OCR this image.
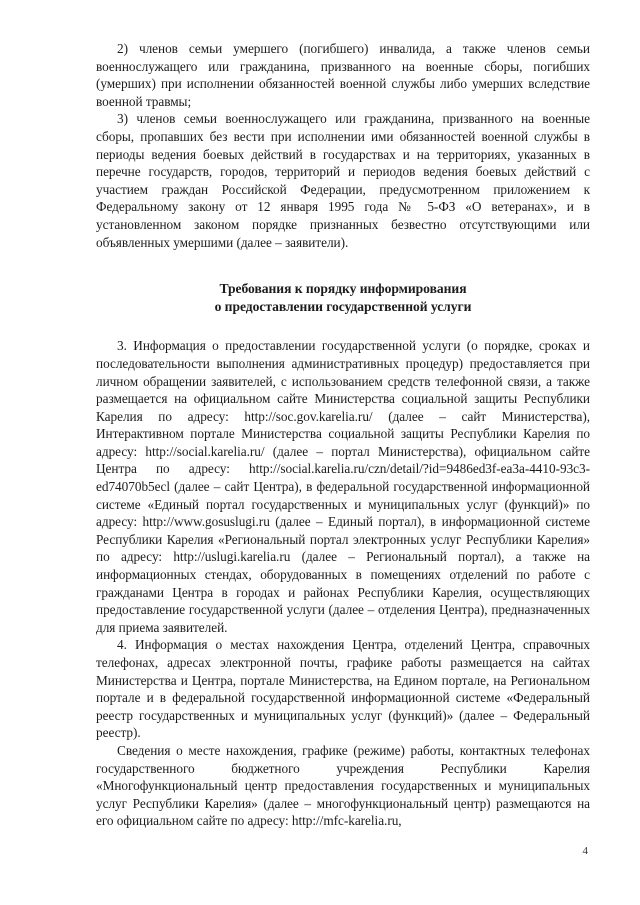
2) членов семьи умершего (погибшего) инвалида, а также членов семьи военнослужащего или гражданина, призванного на военные сборы, погибших (умерших) при исполнении обязанностей военной службы либо умерших вследствие военной травмы;

3) членов семьи военнослужащего или гражданина, призванного на военные сборы, пропавших без вести при исполнении ими обязанностей военной службы в периоды ведения боевых действий в государствах и на территориях, указанных в перечне государств, городов, территорий и периодов ведения боевых действий с участием граждан Российской Федерации, предусмотренном приложением к Федеральному закону от 12 января 1995 года № 5-ФЗ «О ветеранах», и в установленном законом порядке признанных безвестно отсутствующими или объявленных умершими (далее – заявители).

Требования к порядку информирования
о предоставлении государственной услуги

3. Информация о предоставлении государственной услуги (о порядке, сроках и последовательности выполнения административных процедур) предоставляется при личном обращении заявителей, с использованием средств телефонной связи, а также размещается на официальном сайте Министерства социальной защиты Республики Карелия по адресу: http://soc.gov.karelia.ru/ (далее – сайт Министерства), Интерактивном портале Министерства социальной защиты Республики Карелия по адресу: http://social.karelia.ru/ (далее – портал Министерства), официальном сайте Центра по адресу: http://social.karelia.ru/czn/detail/?id=9486ed3f-ea3a-4410-93c3-ed74070b5ecl (далее – сайт Центра), в федеральной государственной информационной системе «Единый портал государственных и муниципальных услуг (функций)» по адресу: http://www.gosuslugi.ru (далее – Единый портал), в информационной системе Республики Карелия «Региональный портал электронных услуг Республики Карелия» по адресу: http://uslugi.karelia.ru (далее – Региональный портал), а также на информационных стендах, оборудованных в помещениях отделений по работе с гражданами Центра в городах и районах Республики Карелия, осуществляющих предоставление государственной услуги (далее – отделения Центра), предназначенных для приема заявителей.

4. Информация о местах нахождения Центра, отделений Центра, справочных телефонах, адресах электронной почты, графике работы размещается на сайтах Министерства и Центра, портале Министерства, на Едином портале, на Региональном портале и в федеральной государственной информационной системе «Федеральный реестр государственных и муниципальных услуг (функций)» (далее – Федеральный реестр).

Сведения о месте нахождения, графике (режиме) работы, контактных телефонах государственного бюджетного учреждения Республики Карелия «Многофункциональный центр предоставления государственных и муниципальных услуг Республики Карелия» (далее – многофункциональный центр) размещаются на его официальном сайте по адресу: http://mfc-karelia.ru,

4
